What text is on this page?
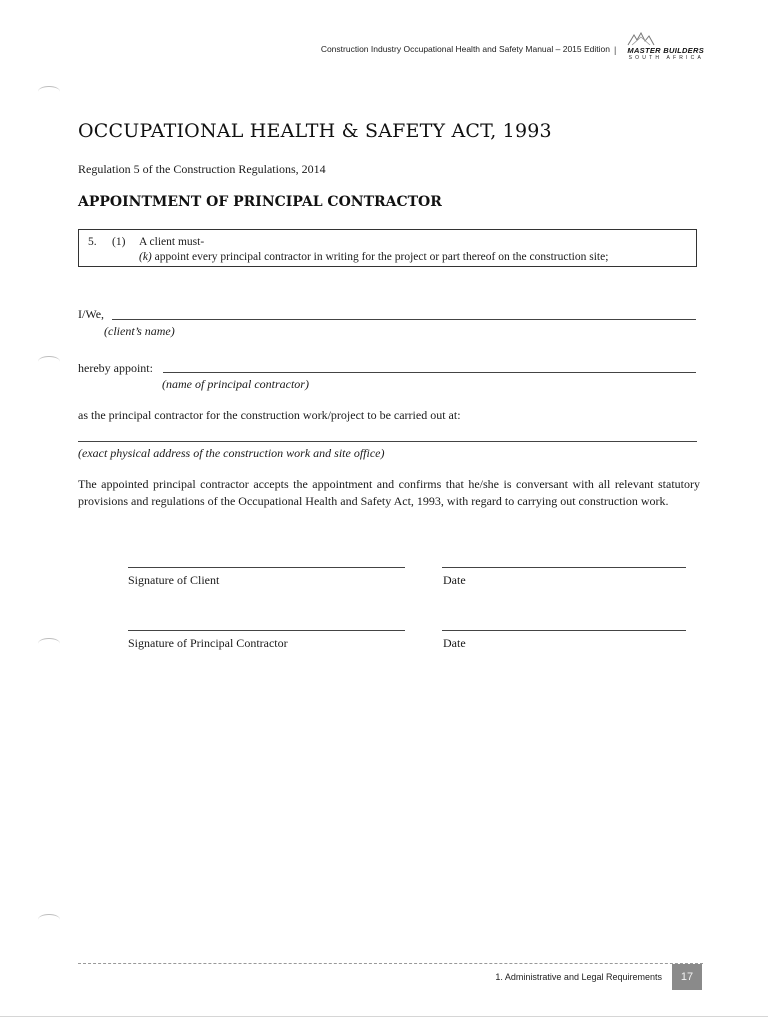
Construction Industry Occupational Health and Safety Manual – 2015 Edition |	MASTER BUILDERS
SOUTH AFRICA
OCCUPATIONAL HEALTH & SAFETY ACT, 1993
Regulation 5 of the Construction Regulations, 2014
APPOINTMENT OF PRINCIPAL CONTRACTOR
5. (1) A client must-
(k) appoint every principal contractor in writing for the project or part thereof on the construction site;
I/We,
(client’s name)
hereby appoint:
(name of principal contractor)
as the principal contractor for the construction work/project to be carried out at:
(exact physical address of the construction work and site office)
The appointed principal contractor accepts the appointment and confirms that he/she is conversant with all relevant statutory provisions and regulations of the Occupational Health and Safety Act, 1993, with regard to carrying out construction work.
Signature of Client	Date
Signature of Principal Contractor	Date
1. Administrative and Legal Requirements	17
